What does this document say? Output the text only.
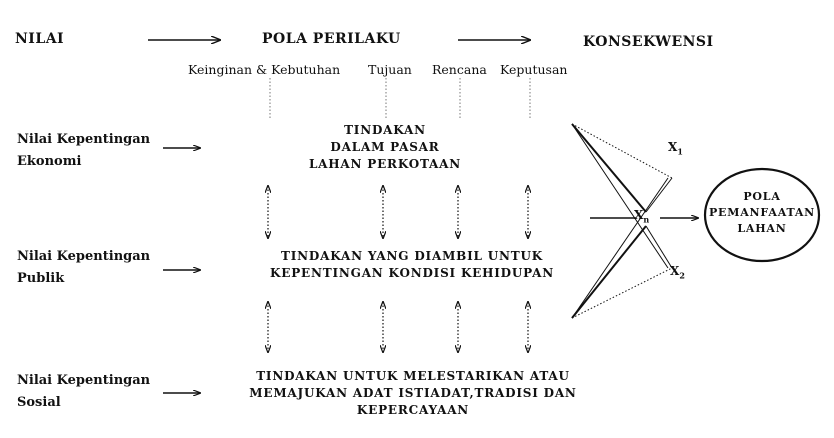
NILAI	POLA PERILAKU	KONSEKWENSI
Keinginan & Kebutuhan Tujuan Rencana Keputusan
Nilai Kepentingan
Ekonomi
Nilai Kepentingan
Publik
Nilai Kepentingan
Sosial
TINDAKAN
DALAM PASAR
LAHAN PERKOTAAN
TINDAKAN YANG DIAMBIL UNTUK
KEPENTINGAN KONDISI KEHIDUPAN
TINDAKAN UNTUK MELESTARIKAN ATAU
MEMAJUKAN ADAT ISTIADAT,TRADISI DAN
KEPERCAYAAN
$X_1$
$X_n$
$X_2$
POLA
PEMANFAATAN
LAHAN
